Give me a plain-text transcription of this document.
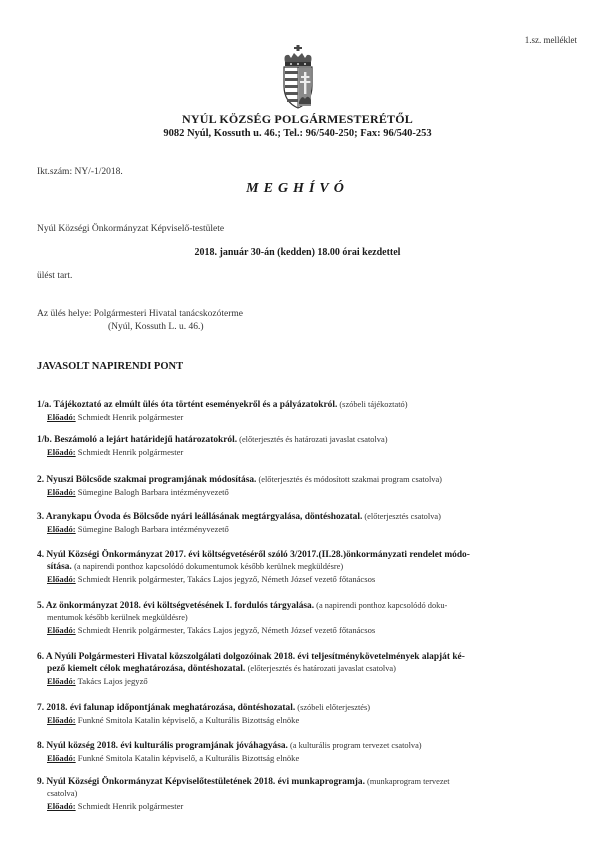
1.sz. melléklet
NYÚL KÖZSÉG POLGÁRMESTERÉTŐL
9082 Nyúl, Kossuth u. 46.; Tel.: 96/540-250; Fax: 96/540-253
Ikt.szám: NY/-1/2018.
MEGHÍVÓ
Nyúl Községi Önkormányzat Képviselő-testülete
2018. január 30-án (kedden) 18.00 órai kezdettel
ülést tart.
Az ülés helye: Polgármesteri Hivatal tanácskozóterme
(Nyúl, Kossuth L. u. 46.)
JAVASOLT NAPIRENDI PONT
1/a. Tájékoztató az elmúlt ülés óta történt eseményekről és a pályázatokról. (szóbeli tájékoztató)
Előadó: Schmiedt Henrik polgármester
1/b. Beszámoló a lejárt határidejű határozatokról. (előterjesztés és határozati javaslat csatolva)
Előadó: Schmiedt Henrik polgármester
2. Nyuszi Bölcsőde szakmai programjának módosítása. (előterjesztés és módosított szakmai program csatolva)
Előadó: Sümegine Balogh Barbara intézményvezető
3. Aranykapu Óvoda és Bölcsőde nyári leállásának megtárgyalása, döntéshozatal. (előterjesztés csatolva)
Előadó: Sümegine Balogh Barbara intézményvezető
4. Nyúl Községi Önkormányzat 2017. évi költségvetéséről szóló 3/2017.(II.28.)önkormányzati rendelet módo-
sítása. (a napirendi ponthoz kapcsolódó dokumentumok később kerülnek megküldésre)
Előadó: Schmiedt Henrik polgármester, Takács Lajos jegyző, Németh József vezető főtanácsos
5. Az önkormányzat 2018. évi költségvetésének I. fordulós tárgyalása. (a napirendi ponthoz kapcsolódó doku-
mentumok később kerülnek megküldésre)
Előadó: Schmiedt Henrik polgármester, Takács Lajos jegyző, Németh József vezető főtanácsos
6. A Nyúli Polgármesteri Hivatal közszolgálati dolgozóinak 2018. évi teljesítménykövetelmények alapját ké-
pező kiemelt célok meghatározása, döntéshozatal. (előterjesztés és határozati javaslat csatolva)
Előadó: Takács Lajos jegyző
7. 2018. évi falunap időpontjának meghatározása, döntéshozatal. (szóbeli előterjesztés)
Előadó: Funkné Smitola Katalin képviselő, a Kulturális Bizottság elnöke
8. Nyúl község 2018. évi kulturális programjának jóváhagyása. (a kulturális program tervezet csatolva)
Előadó: Funkné Smitola Katalin képviselő, a Kulturális Bizottság elnöke
9. Nyúl Községi Önkormányzat Képviselőtestületének 2018. évi munkaprogramja. (munkaprogram tervezet
csatolva)
Előadó: Schmiedt Henrik polgármester
